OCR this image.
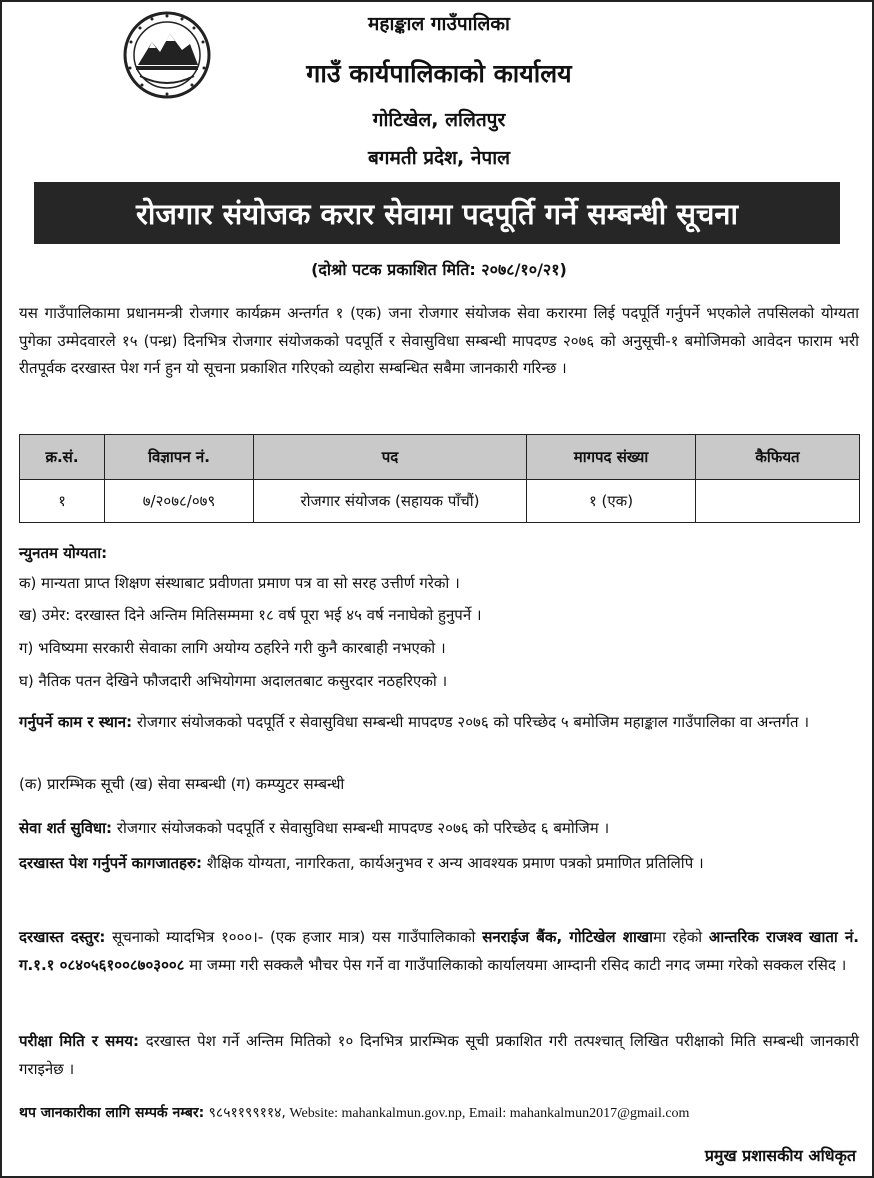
महाङ्काल गाउँपालिका
गाउँ कार्यपालिकाको कार्यालय
गोटिखेल, ललितपुर
बगमती प्रदेश, नेपाल
रोजगार संयोजक करार सेवामा पदपूर्ति गर्ने सम्बन्धी सूचना
(दोश्रो पटक प्रकाशित मिति: २०७८/१०/२१)
यस गाउँपालिकामा प्रधानमन्त्री रोजगार कार्यक्रम अन्तर्गत १ (एक) जना रोजगार संयोजक सेवा करारमा लिई पदपूर्ति गर्नुपर्ने भएकोले तपसिलको योग्यता पुगेका उम्मेदवारले १५ (पन्ध्र) दिनभित्र रोजगार संयोजकको पदपूर्ति र सेवासुविधा सम्बन्धी मापदण्ड २०७६ को अनुसूची-१ बमोजिमको आवेदन फाराम भरी रीतपूर्वक दरखास्त पेश गर्न हुन यो सूचना प्रकाशित गरिएको व्यहोरा सम्बन्धित सबैमा जानकारी गरिन्छ ।
क्र.सं.	विज्ञापन नं.	पद	मागपद संख्या	कैफियत
१	७/२०७८/०७९	रोजगार संयोजक (सहायक पाँचौं)	१ (एक)	
न्युनतम योग्यता:
क) मान्यता प्राप्त शिक्षण संस्थाबाट प्रवीणता प्रमाण पत्र वा सो सरह उत्तीर्ण गरेको ।
ख) उमेर: दरखास्त दिने अन्तिम मितिसम्ममा १८ वर्ष पूरा भई ४५ वर्ष ननाघेको हुनुपर्ने ।
ग) भविष्यमा सरकारी सेवाका लागि अयोग्य ठहरिने गरी कुनै कारबाही नभएको ।
घ) नैतिक पतन देखिने फौजदारी अभियोगमा अदालतबाट कसुरदार नठहरिएको ।
गर्नुपर्ने काम र स्थान: रोजगार संयोजकको पदपूर्ति र सेवासुविधा सम्बन्धी मापदण्ड २०७६ को परिच्छेद ५ बमोजिम महाङ्काल गाउँपालिका वा अन्तर्गत ।
(क) प्रारम्भिक सूची (ख) सेवा सम्बन्धी (ग) कम्प्युटर सम्बन्धी
सेवा शर्त सुविधा: रोजगार संयोजकको पदपूर्ति र सेवासुविधा सम्बन्धी मापदण्ड २०७६ को परिच्छेद ६ बमोजिम ।
दरखास्त पेश गर्नुपर्ने कागजातहरु: शैक्षिक योग्यता, नागरिकता, कार्यअनुभव र अन्य आवश्यक प्रमाण पत्रको प्रमाणित प्रतिलिपि ।
दरखास्त दस्तुर: सूचनाको म्यादभित्र १०००।- (एक हजार मात्र) यस गाउँपालिकाको सनराईज बैंक, गोटिखेल शाखामा रहेको आन्तरिक राजश्व खाता नं. ग.१.१ ०८४०५६१००८७०३००८ मा जम्मा गरी सक्कलै भौचर पेस गर्ने वा गाउँपालिकाको कार्यालयमा आम्दानी रसिद काटी नगद जम्मा गरेको सक्कल रसिद ।
परीक्षा मिति र समय: दरखास्त पेश गर्ने अन्तिम मितिको १० दिनभित्र प्रारम्भिक सूची प्रकाशित गरी तत्पश्चात् लिखित परीक्षाको मिति सम्बन्धी जानकारी गराइनेछ ।
थप जानकारीका लागि सम्पर्क नम्बर: ९८५११९९११४, Website: mahankalmun.gov.np, Email: mahankalmun2017@gmail.com
प्रमुख प्रशासकीय अधिकृत
